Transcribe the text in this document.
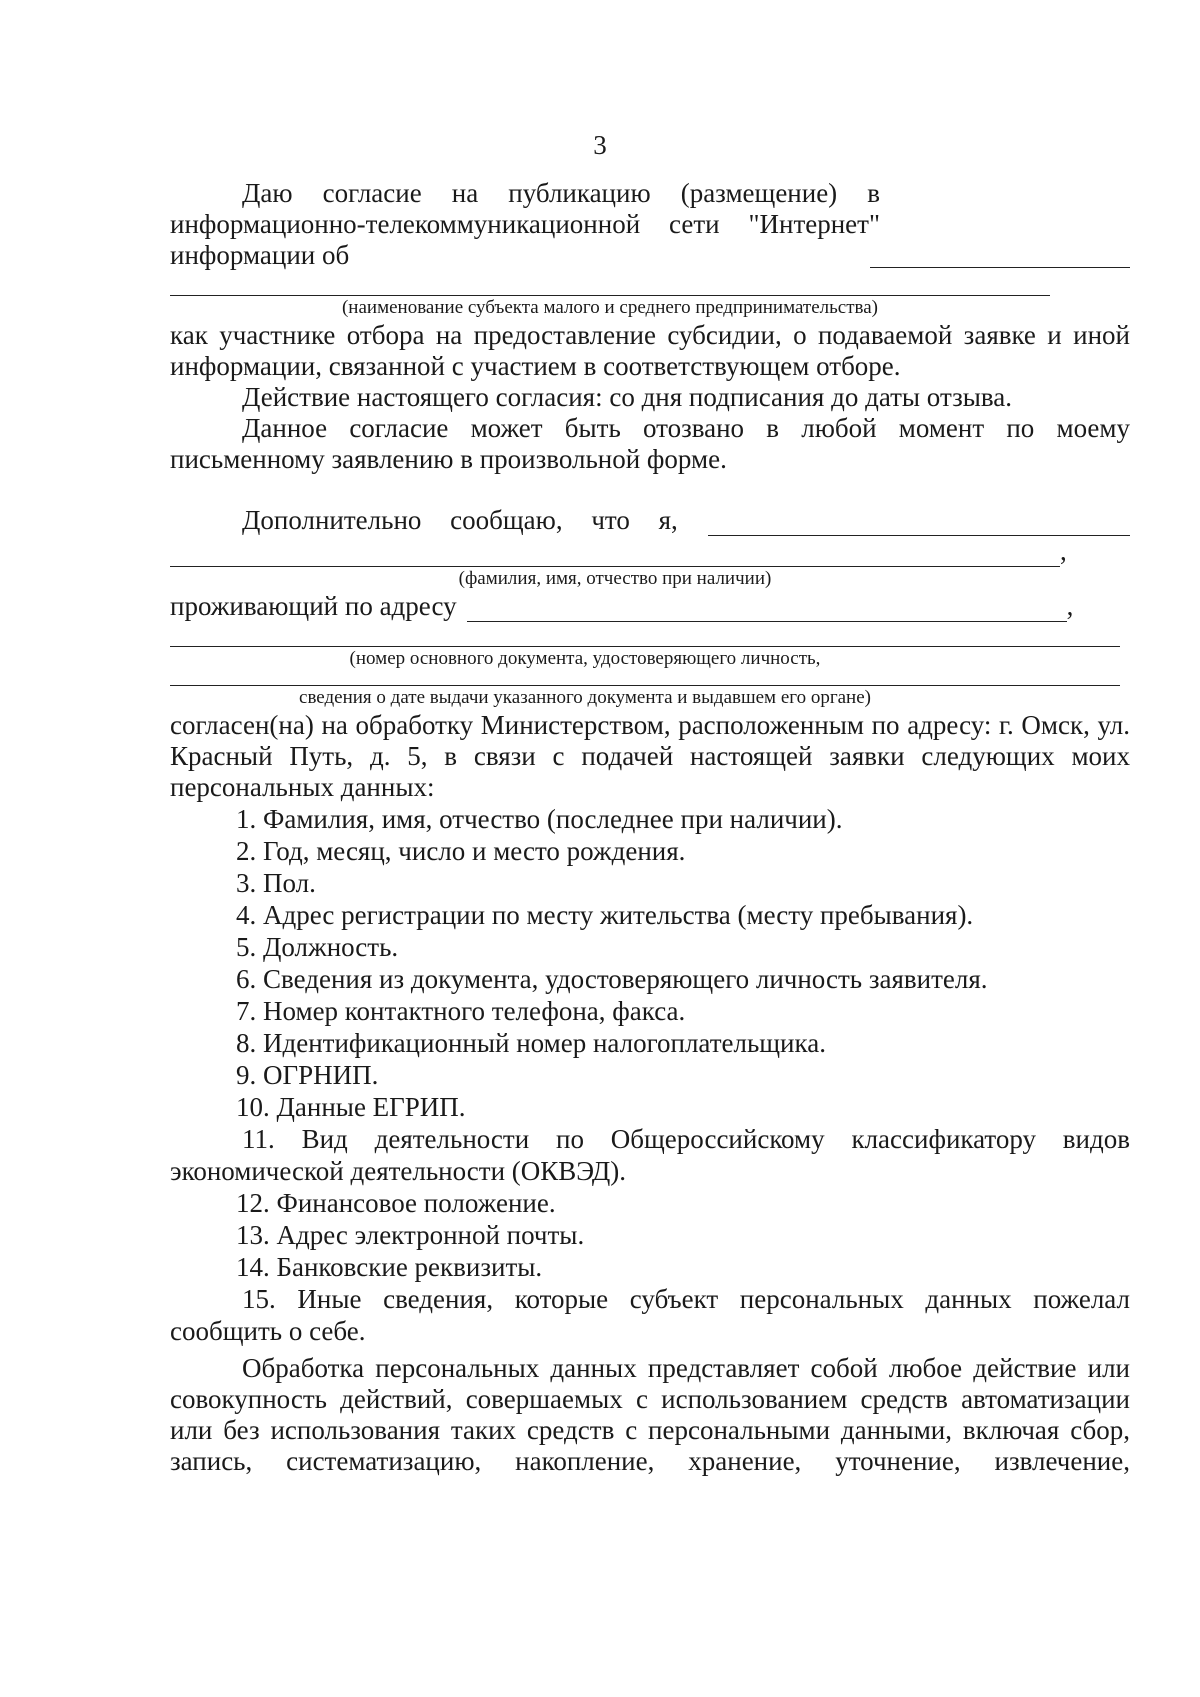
3

Даю согласие на публикацию (размещение) в информационно-телекоммуникационной сети "Интернет" информации об

(наименование субъекта малого и среднего предпринимательства)

как участнике отбора на предоставление субсидии, о подаваемой заявке и иной информации, связанной с участием в соответствующем отборе.

Действие настоящего согласия: со дня подписания до даты отзыва.

Данное согласие может быть отозвано в любой момент по моему письменному заявлению в произвольной форме.

Дополнительно сообщаю, что я,
,
(фамилия, имя, отчество при наличии)
проживающий по адресу	,
(номер основного документа, удостоверяющего личность,
сведения о дате выдачи указанного документа и выдавшем его органе)

согласен(на) на обработку Министерством, расположенным по адресу: г. Омск, ул. Красный Путь, д. 5, в связи с подачей настоящей заявки следующих моих персональных данных:

1. Фамилия, имя, отчество (последнее при наличии).
2. Год, месяц, число и место рождения.
3. Пол.
4. Адрес регистрации по месту жительства (месту пребывания).
5. Должность.
6. Сведения из документа, удостоверяющего личность заявителя.
7. Номер контактного телефона, факса.
8. Идентификационный номер налогоплательщика.
9. ОГРНИП.
10. Данные ЕГРИП.

11. Вид деятельности по Общероссийскому классификатору видов экономической деятельности (ОКВЭД).

12. Финансовое положение.
13. Адрес электронной почты.
14. Банковские реквизиты.

15. Иные сведения, которые субъект персональных данных пожелал сообщить о себе.

Обработка персональных данных представляет собой любое действие или совокупность действий, совершаемых с использованием средств автоматизации или без использования таких средств с персональными данными, включая сбор, запись, систематизацию, накопление, хранение, уточнение, извлечение,
